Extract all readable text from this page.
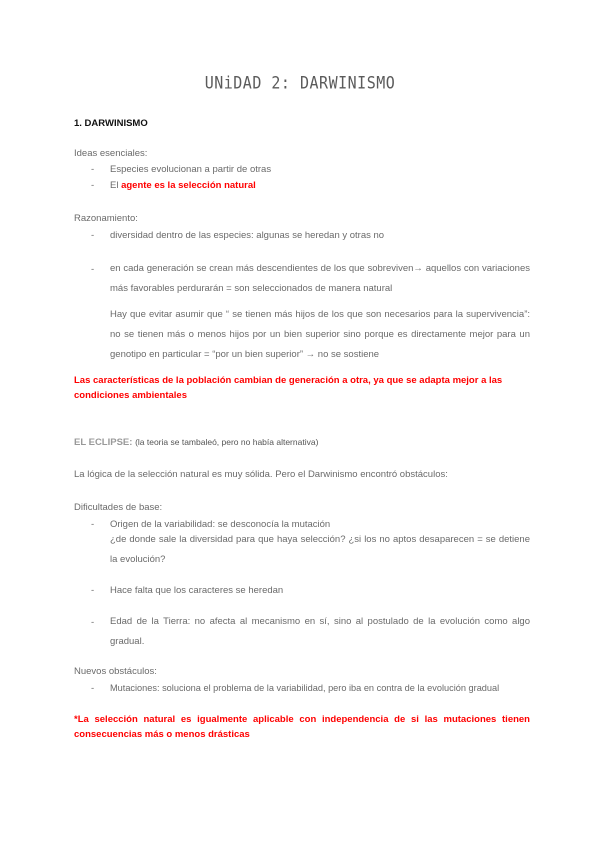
UNiDAD 2: DARWINISMO
1. DARWINISMO
Ideas esenciales:
- Especies evolucionan a partir de otras
- El agente es la selección natural
Razonamiento:
- diversidad dentro de las especies: algunas se heredan y otras no
- en cada generación se crean más descendientes de los que sobreviven→ aquellos con variaciones más favorables perdurarán = son seleccionados de manera natural
Hay que evitar asumir que “ se tienen más hijos de los que son necesarios para la supervivencia”: no se tienen más o menos hijos por un bien superior sino porque es directamente mejor para un genotipo en particular = “por un bien superior” → no se sostiene
Las características de la población cambian de generación a otra, ya que se adapta mejor a las condiciones ambientales
EL ECLIPSE: (la teoria se tambaleó, pero no había alternativa)
La lógica de la selección natural es muy sólida. Pero el Darwinismo encontró obstáculos:
Dificultades de base:
- Origen de la variabilidad: se desconocía la mutación
¿de donde sale la diversidad para que haya selección? ¿si los no aptos desaparecen = se detiene la evolución?
- Hace falta que los caracteres se heredan
- Edad de la Tierra: no afecta al mecanismo en sí, sino al postulado de la evolución como algo gradual.
Nuevos obstáculos:
- Mutaciones: soluciona el problema de la variabilidad, pero iba en contra de la evolución gradual
*La selección natural es igualmente aplicable con independencia de si las mutaciones tienen consecuencias más o menos drásticas
